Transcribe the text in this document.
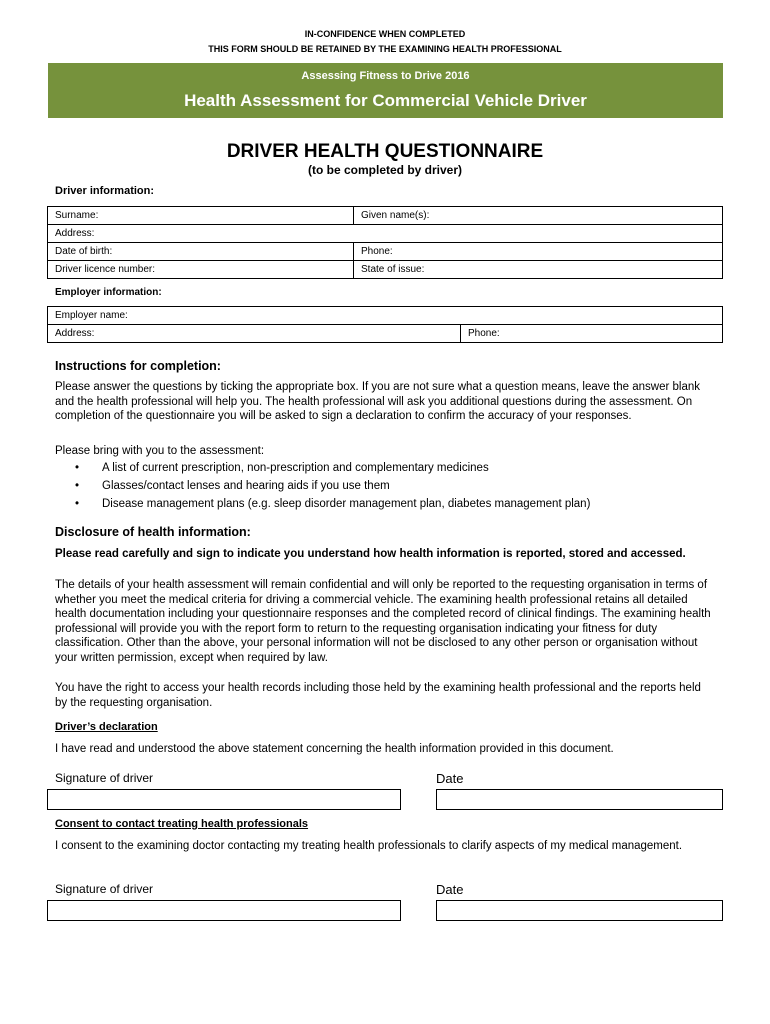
IN-CONFIDENCE WHEN COMPLETED
THIS FORM SHOULD BE RETAINED BY THE EXAMINING HEALTH PROFESSIONAL
Assessing Fitness to Drive 2016
Health Assessment for Commercial Vehicle Driver
DRIVER HEALTH QUESTIONNAIRE
(to be completed by driver)
Driver information:
Surname:	Given name(s):
Address:	
Date of birth:	Phone:
Driver licence number:	State of issue:
Employer information:
Employer name:
Address:	Phone:
Instructions for completion:
Please answer the questions by ticking the appropriate box. If you are not sure what a question means, leave the answer blank and the health professional will help you. The health professional will ask you additional questions during the assessment. On completion of the questionnaire you will be asked to sign a declaration to confirm the accuracy of your responses.
Please bring with you to the assessment:
• A list of current prescription, non-prescription and complementary medicines
• Glasses/contact lenses and hearing aids if you use them
• Disease management plans (e.g. sleep disorder management plan, diabetes management plan)
Disclosure of health information:
Please read carefully and sign to indicate you understand how health information is reported, stored and accessed.
The details of your health assessment will remain confidential and will only be reported to the requesting organisation in terms of whether you meet the medical criteria for driving a commercial vehicle. The examining health professional retains all detailed health documentation including your questionnaire responses and the completed record of clinical findings. The examining health professional will provide you with the report form to return to the requesting organisation indicating your fitness for duty classification. Other than the above, your personal information will not be disclosed to any other person or organisation without your written permission, except when required by law.
You have the right to access your health records including those held by the examining health professional and the reports held by the requesting organisation.
Driver’s declaration
I have read and understood the above statement concerning the health information provided in this document.
Signature of driver	Date
Consent to contact treating health professionals
I consent to the examining doctor contacting my treating health professionals to clarify aspects of my medical management.
Signature of driver	Date
